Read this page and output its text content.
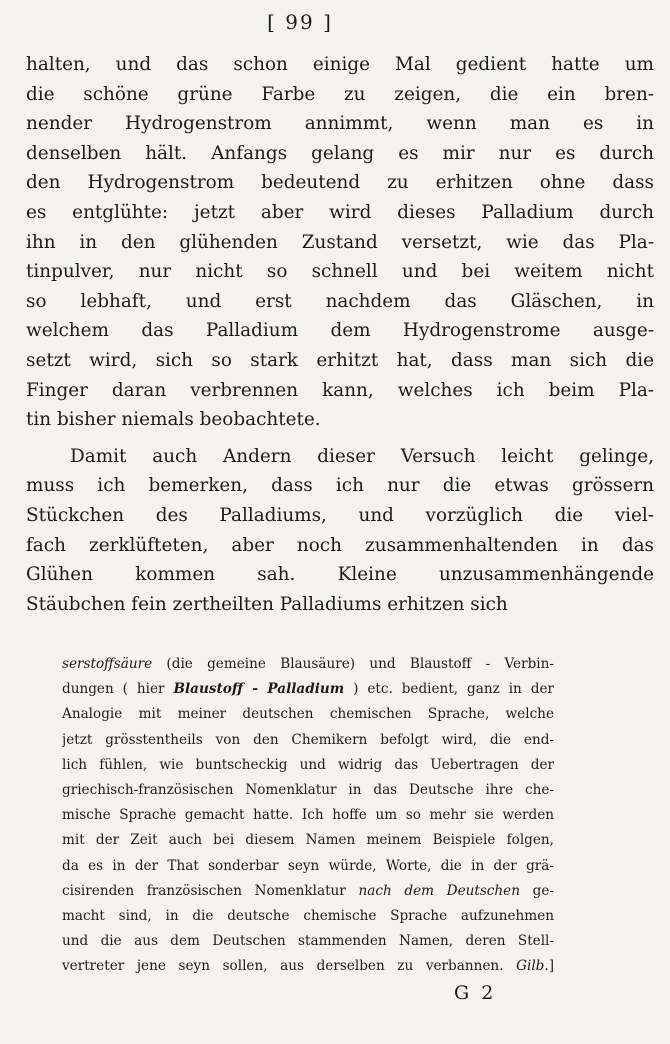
[ 99 ]
halten, und das schon einige Mal gedient hatte um
die schöne grüne Farbe zu zeigen, die ein bren-
nender Hydrogenstrom annimmt, wenn man es in
denselben hält. Anfangs gelang es mir nur es durch
den Hydrogenstrom bedeutend zu erhitzen ohne dass
es entglühte: jetzt aber wird dieses Palladium durch
ihn in den glühenden Zustand versetzt, wie das Pla-
tinpulver, nur nicht so schnell und bei weitem nicht
so lebhaft, und erst nachdem das Gläschen, in
welchem das Palladium dem Hydrogenstrome ausge-
setzt wird, sich so stark erhitzt hat, dass man sich die
Finger daran verbrennen kann, welches ich beim Pla-
tin bisher niemals beobachtete.
Damit auch Andern dieser Versuch leicht gelinge,
muss ich bemerken, dass ich nur die etwas grössern
Stückchen des Palladiums, und vorzüglich die viel-
fach zerklüfteten, aber noch zusammenhaltenden in das
Glühen kommen sah. Kleine unzusammenhängende
Stäubchen fein zertheilten Palladiums erhitzen sich
serstoffsäure (die gemeine Blausäure) und Blaustoff - Verbin-
dungen ( hier Blaustoff - Palladium ) etc. bedient, ganz in der
Analogie mit meiner deutschen chemischen Sprache, welche
jetzt grösstentheils von den Chemikern befolgt wird, die end-
lich fühlen, wie buntscheckig und widrig das Uebertragen der
griechisch-französischen Nomenklatur in das Deutsche ihre che-
mische Sprache gemacht hatte. Ich hoffe um so mehr sie werden
mit der Zeit auch bei diesem Namen meinem Beispiele folgen,
da es in der That sonderbar seyn würde, Worte, die in der grä-
cisirenden französischen Nomenklatur nach dem Deutschen ge-
macht sind, in die deutsche chemische Sprache aufzunehmen
und die aus dem Deutschen stammenden Namen, deren Stell-
vertreter jene seyn sollen, aus derselben zu verbannen. Gilb.]
G 2
